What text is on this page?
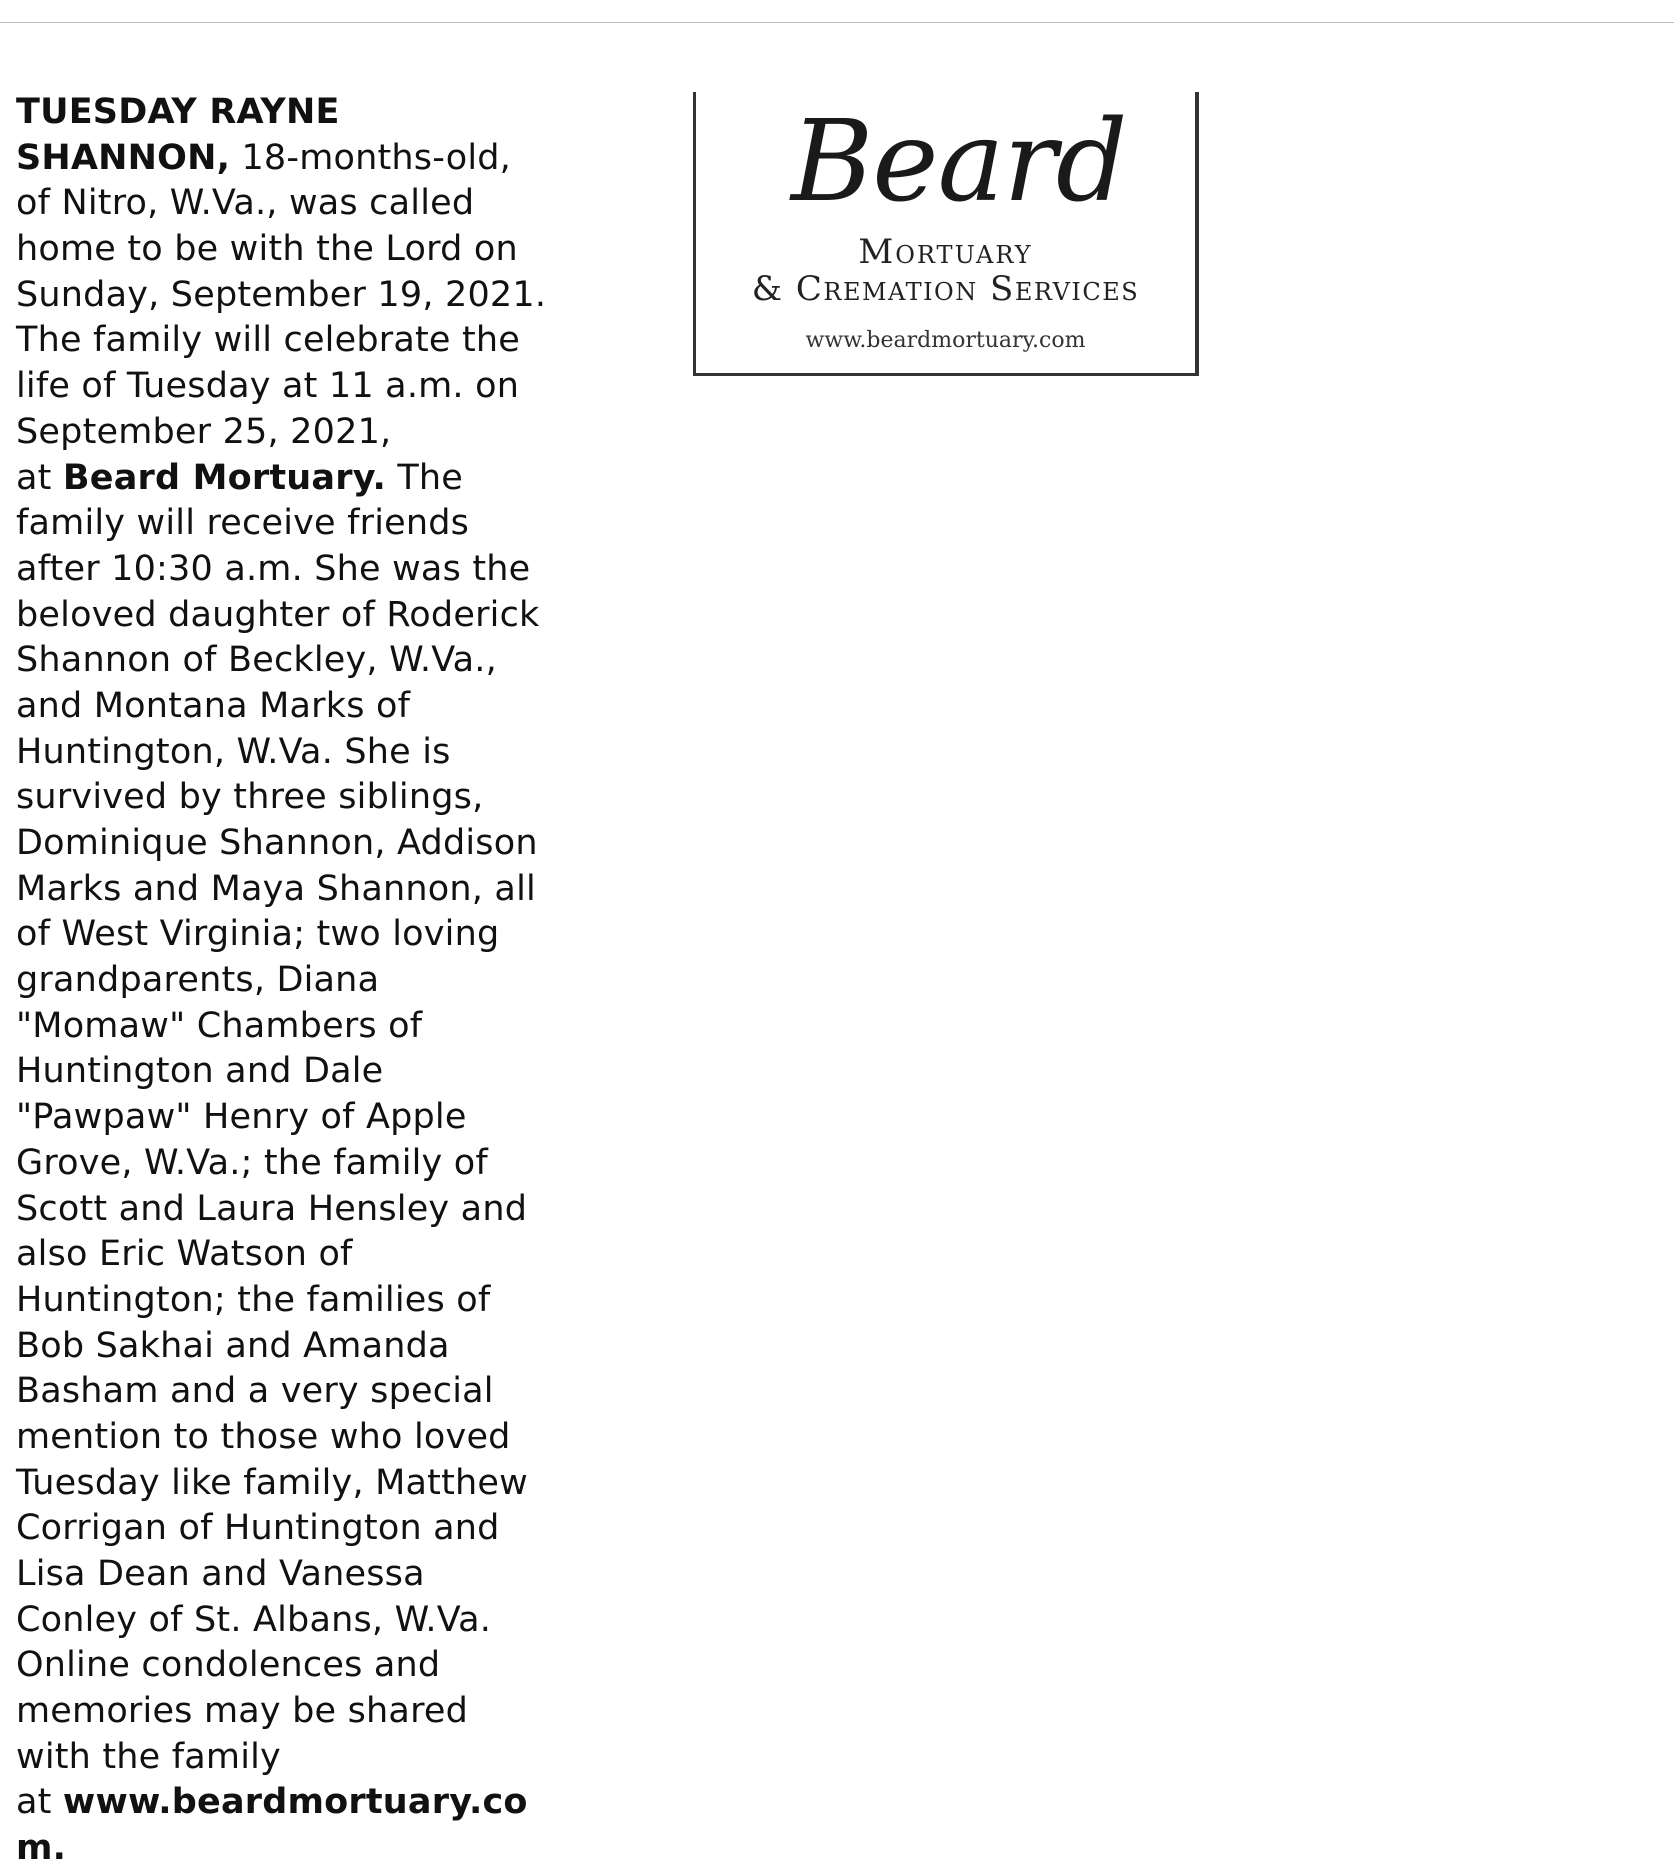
TUESDAY RAYNE
SHANNON, 18-months-old,
of Nitro, W.Va., was called
home to be with the Lord on
Sunday, September 19, 2021.
The family will celebrate the
life of Tuesday at 11 a.m. on
September 25, 2021,
at Beard Mortuary. The
family will receive friends
after 10:30 a.m. She was the
beloved daughter of Roderick
Shannon of Beckley, W.Va.,
and Montana Marks of
Huntington, W.Va. She is
survived by three siblings,
Dominique Shannon, Addison
Marks and Maya Shannon, all
of West Virginia; two loving
grandparents, Diana
"Momaw" Chambers of
Huntington and Dale
"Pawpaw" Henry of Apple
Grove, W.Va.; the family of
Scott and Laura Hensley and
also Eric Watson of
Huntington; the families of
Bob Sakhai and Amanda
Basham and a very special
mention to those who loved
Tuesday like family, Matthew
Corrigan of Huntington and
Lisa Dean and Vanessa
Conley of St. Albans, W.Va.
Online condolences and
memories may be shared
with the family
at www.beardmortuary.co
m.
Beard
Mortuary
& Cremation Services
www.beardmortuary.com
